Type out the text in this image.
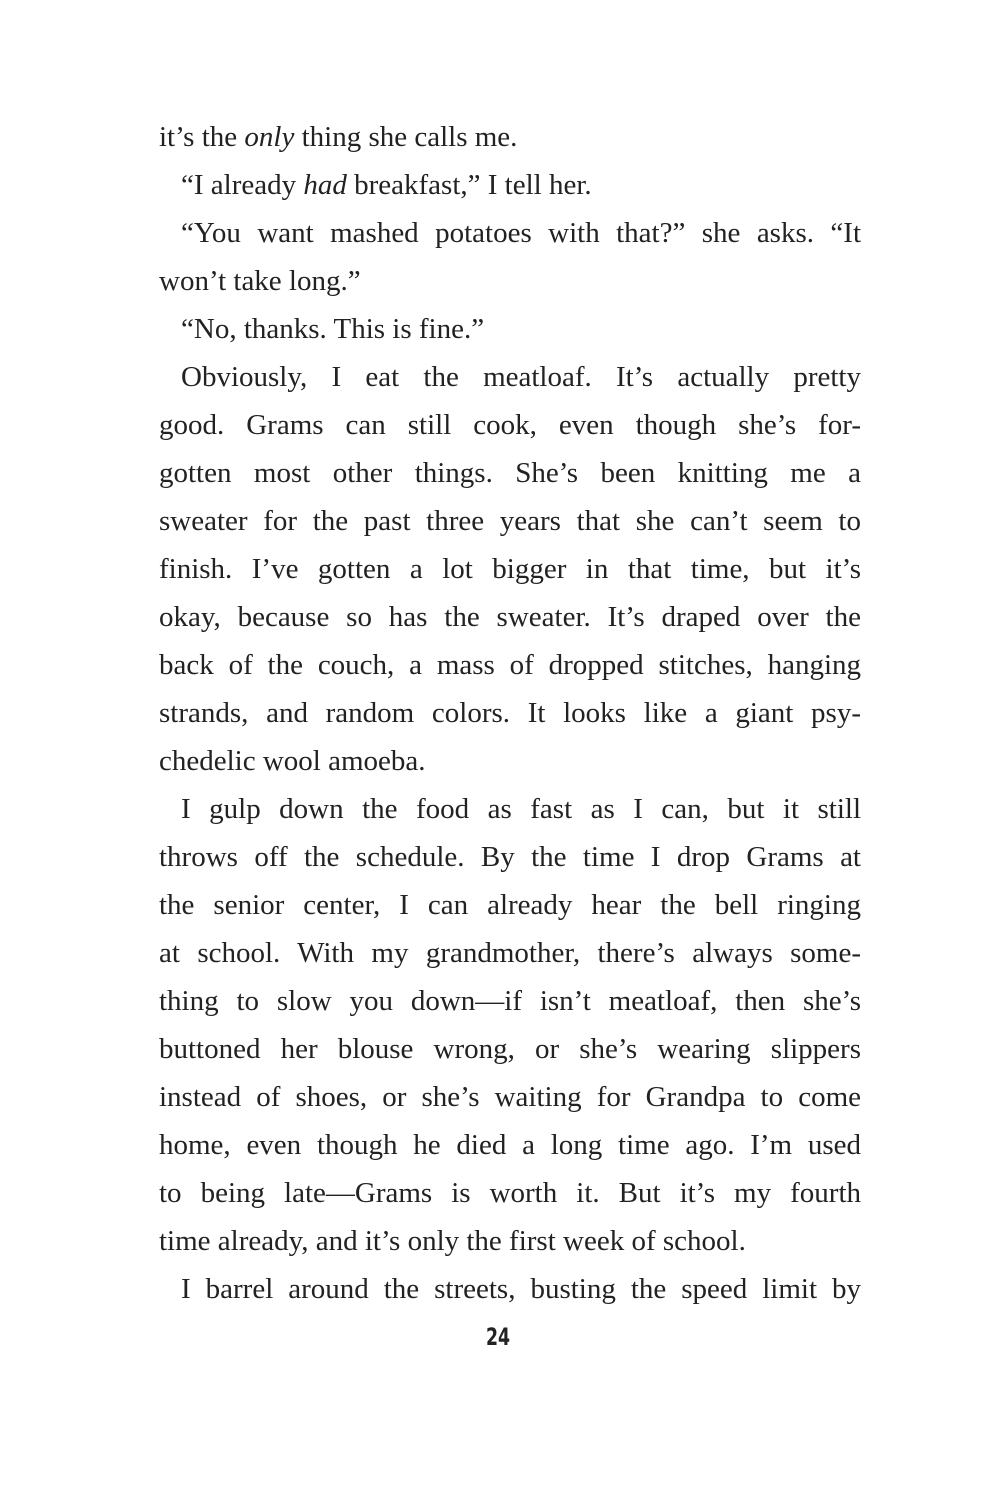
it’s the only thing she calls me.
“I already had breakfast,” I tell her.
“You want mashed potatoes with that?” she asks. “It
won’t take long.”
“No, thanks. This is fine.”
Obviously, I eat the meatloaf. It’s actually pretty
good. Grams can still cook, even though she’s for-
gotten most other things. She’s been knitting me a
sweater for the past three years that she can’t seem to
finish. I’ve gotten a lot bigger in that time, but it’s
okay, because so has the sweater. It’s draped over the
back of the couch, a mass of dropped stitches, hanging
strands, and random colors. It looks like a giant psy-
chedelic wool amoeba.
I gulp down the food as fast as I can, but it still
throws off the schedule. By the time I drop Grams at
the senior center, I can already hear the bell ringing
at school. With my grandmother, there’s always some-
thing to slow you down—if isn’t meatloaf, then she’s
buttoned her blouse wrong, or she’s wearing slippers
instead of shoes, or she’s waiting for Grandpa to come
home, even though he died a long time ago. I’m used
to being late—Grams is worth it. But it’s my fourth
time already, and it’s only the first week of school.
I barrel around the streets, busting the speed limit by
24
